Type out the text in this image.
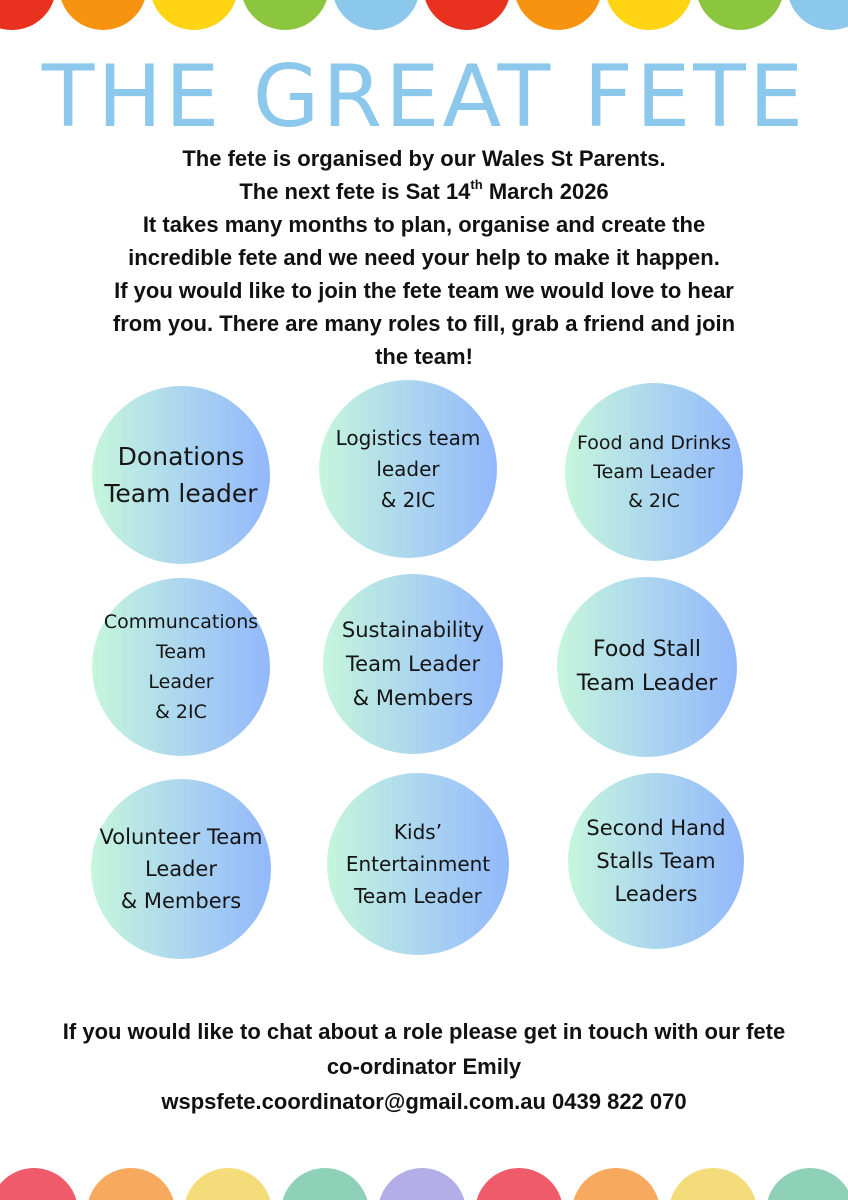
THE GREAT FETE

The fete is organised by our Wales St Parents.

The next fete is Sat 14th March 2026

It takes many months to plan, organise and create the

incredible fete and we need your help to make it happen.

If you would like to join the fete team we would love to hear

from you. There are many roles to fill, grab a friend and join

the team!

Donations
Team leader
Logistics team
leader
& 2IC
Food and Drinks
Team Leader
& 2IC
Communcations
Team
Leader
& 2IC
Sustainability
Team Leader
& Members
Food Stall
Team Leader
Volunteer Team
Leader
& Members
Kids’
Entertainment
Team Leader
Second Hand
Stalls Team
Leaders

If you would like to chat about a role please get in touch with our fete

co-ordinator Emily

wspsfete.coordinator@gmail.com.au 0439 822 070
